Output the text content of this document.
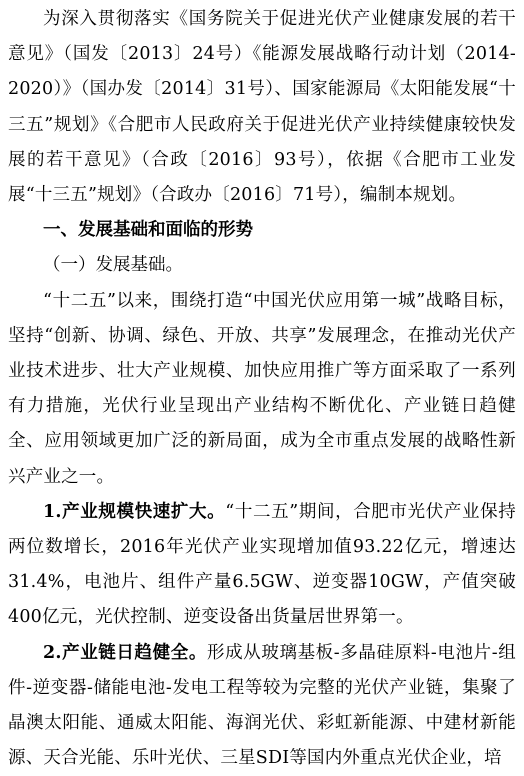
为深入贯彻落实《国务院关于促进光伏产业健康发展的若干意见》（国发〔2013〕24号）《能源发展战略行动计划（2014-2020）》（国办发〔2014〕31号）、国家能源局《太阳能发展“十三五”规划》《合肥市人民政府关于促进光伏产业持续健康较快发展的若干意见》（合政〔2016〕93号），依据《合肥市工业发展“十三五”规划》（合政办〔2016〕71号），编制本规划。

一、发展基础和面临的形势

（一）发展基础。

“十二五”以来，围绕打造“中国光伏应用第一城”战略目标，坚持“创新、协调、绿色、开放、共享”发展理念，在推动光伏产业技术进步、壮大产业规模、加快应用推广等方面采取了一系列有力措施，光伏行业呈现出产业结构不断优化、产业链日趋健全、应用领域更加广泛的新局面，成为全市重点发展的战略性新兴产业之一。

1.产业规模快速扩大。“十二五”期间，合肥市光伏产业保持两位数增长，2016年光伏产业实现增加值93.22亿元，增速达31.4%，电池片、组件产量6.5GW、逆变器10GW，产值突破400亿元，光伏控制、逆变设备出货量居世界第一。

2.产业链日趋健全。形成从玻璃基板-多晶硅原料-电池片-组件-逆变器-储能电池-发电工程等较为完整的光伏产业链，集聚了晶澳太阳能、通威太阳能、海润光伏、彩虹新能源、中建材新能源、天合光能、乐叶光伏、三星SDI等国内外重点光伏企业，培
